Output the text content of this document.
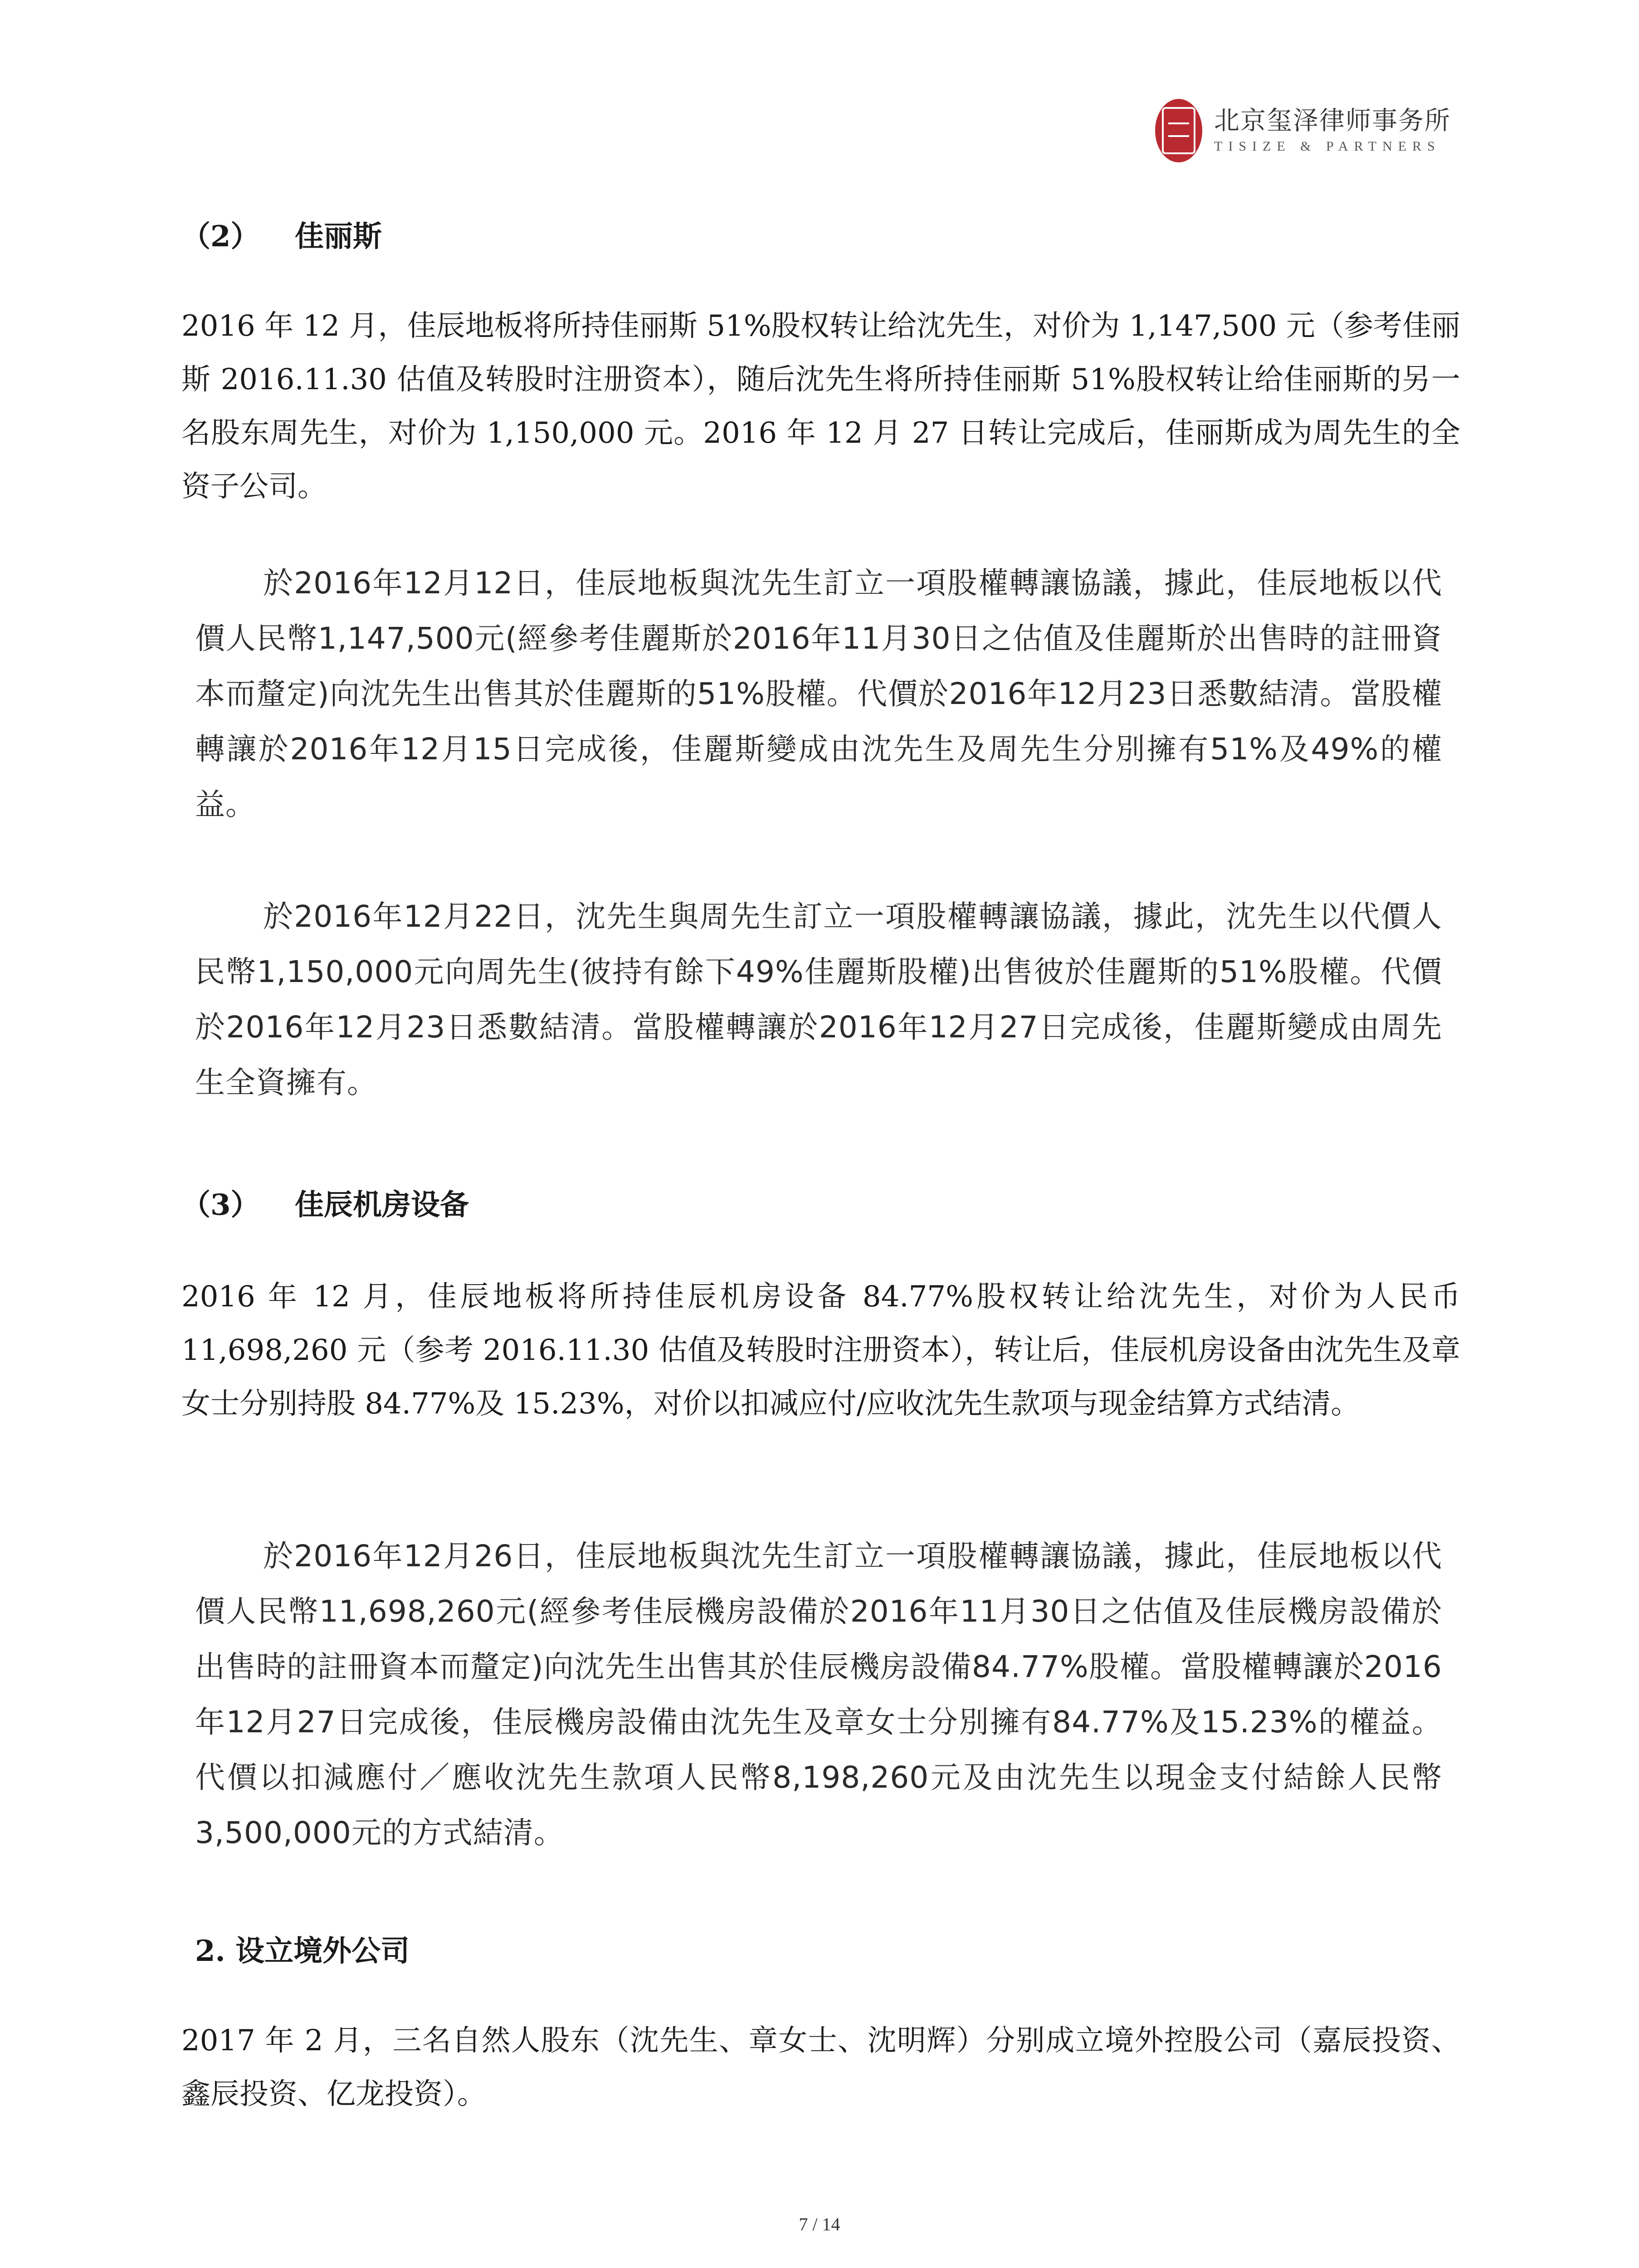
北京玺泽律师事务所
TISIZE & PARTNERS
（2） 佳丽斯
2016 年 12 月，佳辰地板将所持佳丽斯 51%股权转让给沈先生，对价为 1,147,500 元（参考佳丽斯 2016.11.30 估值及转股时注册资本），随后沈先生将所持佳丽斯 51%股权转让给佳丽斯的另一名股东周先生，对价为 1,150,000 元。2016 年 12 月 27 日转让完成后，佳丽斯成为周先生的全资子公司。
於2016年12月12日，佳辰地板與沈先生訂立一項股權轉讓協議，據此，佳辰地板以代價人民幣1,147,500元(經參考佳麗斯於2016年11月30日之估值及佳麗斯於出售時的註冊資本而釐定)向沈先生出售其於佳麗斯的51%股權。代價於2016年12月23日悉數結清。當股權轉讓於2016年12月15日完成後，佳麗斯變成由沈先生及周先生分別擁有51%及49%的權益。
於2016年12月22日，沈先生與周先生訂立一項股權轉讓協議，據此，沈先生以代價人民幣1,150,000元向周先生(彼持有餘下49%佳麗斯股權)出售彼於佳麗斯的51%股權。代價於2016年12月23日悉數結清。當股權轉讓於2016年12月27日完成後，佳麗斯變成由周先生全資擁有。
（3） 佳辰机房设备
2016 年 12 月，佳辰地板将所持佳辰机房设备 84.77%股权转让给沈先生，对价为人民币 11,698,260 元（参考 2016.11.30 估值及转股时注册资本），转让后，佳辰机房设备由沈先生及章女士分别持股 84.77%及 15.23%，对价以扣减应付/应收沈先生款项与现金结算方式结清。
於2016年12月26日，佳辰地板與沈先生訂立一項股權轉讓協議，據此，佳辰地板以代價人民幣11,698,260元(經參考佳辰機房設備於2016年11月30日之估值及佳辰機房設備於出售時的註冊資本而釐定)向沈先生出售其於佳辰機房設備84.77%股權。當股權轉讓於2016年12月27日完成後，佳辰機房設備由沈先生及章女士分別擁有84.77%及15.23%的權益。代價以扣減應付／應收沈先生款項人民幣8,198,260元及由沈先生以現金支付結餘人民幣3,500,000元的方式結清。
2. 设立境外公司
2017 年 2 月，三名自然人股东（沈先生、章女士、沈明辉）分别成立境外控股公司（嘉辰投资、鑫辰投资、亿龙投资）。
7 / 14
